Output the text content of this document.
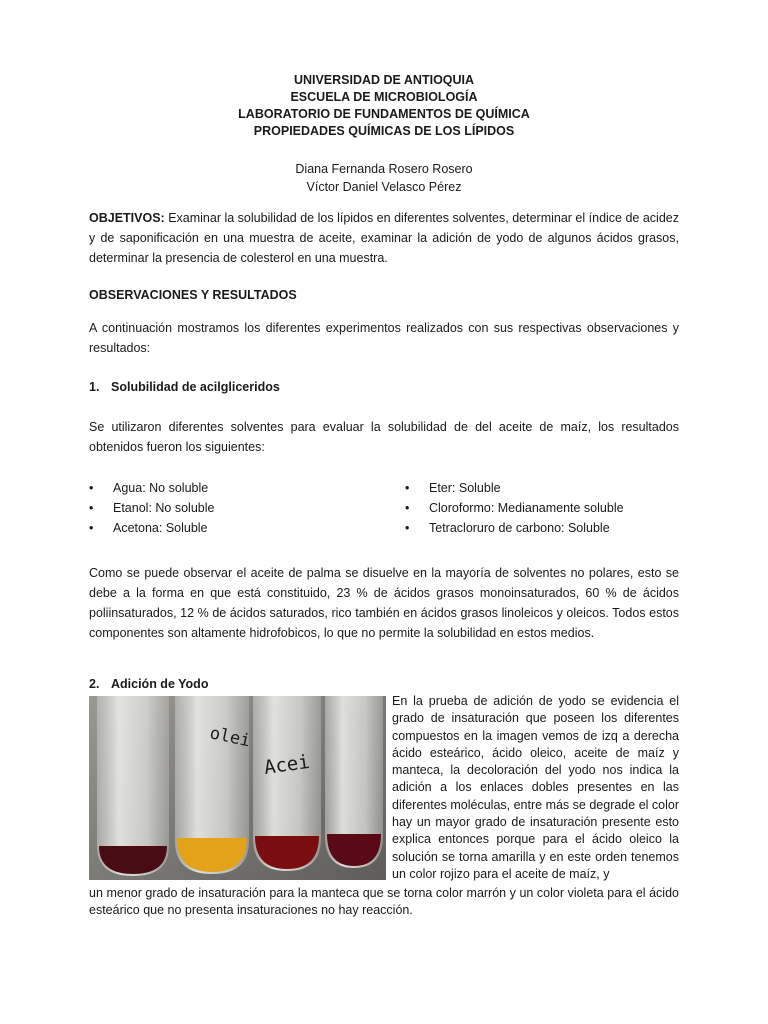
UNIVERSIDAD DE ANTIOQUIA
ESCUELA DE MICROBIOLOGÍA
LABORATORIO DE FUNDAMENTOS DE QUÍMICA
PROPIEDADES QUÍMICAS DE LOS LÍPIDOS
Diana Fernanda Rosero Rosero
Víctor Daniel Velasco Pérez
OBJETIVOS: Examinar la solubilidad de los lípidos en diferentes solventes, determinar el índice de acidez y de saponificación en una muestra de aceite, examinar la adición de yodo de algunos ácidos grasos, determinar la presencia de colesterol en una muestra.
OBSERVACIONES Y RESULTADOS
A continuación mostramos los diferentes experimentos realizados con sus respectivas observaciones y resultados:
1. Solubilidad de acilgliceridos
Se utilizaron diferentes solventes para evaluar la solubilidad de del aceite de maíz, los resultados obtenidos fueron los siguientes:
• Agua: No soluble
• Etanol: No soluble
• Acetona: Soluble
• Eter: Soluble
• Cloroformo: Medianamente soluble
• Tetracloruro de carbono: Soluble
Como se puede observar el aceite de palma se disuelve en la mayoría de solventes no polares, esto se debe a la forma en que está constituido, 23 % de ácidos grasos monoinsaturados, 60 % de ácidos poliinsaturados, 12 % de ácidos saturados, rico también en ácidos grasos linoleicos y oleicos. Todos estos componentes son altamente hidrofobicos, lo que no permite la solubilidad en estos medios.
2. Adición de Yodo
olei
Acei
En la prueba de adición de yodo se evidencia el grado de insaturación que poseen los diferentes compuestos en la imagen vemos de izq a derecha ácido esteárico, ácido oleico, aceite de maíz y manteca, la decoloración del yodo nos indica la adición a los enlaces dobles presentes en las diferentes moléculas, entre más se degrade el color hay un mayor grado de insaturación presente esto explica entonces porque para el ácido oleico la solución se torna amarilla y en este orden tenemos un color rojizo para el aceite de maíz, y
un menor grado de insaturación para la manteca que se torna color marrón y un color violeta para el ácido esteárico que no presenta insaturaciones no hay reacción.
